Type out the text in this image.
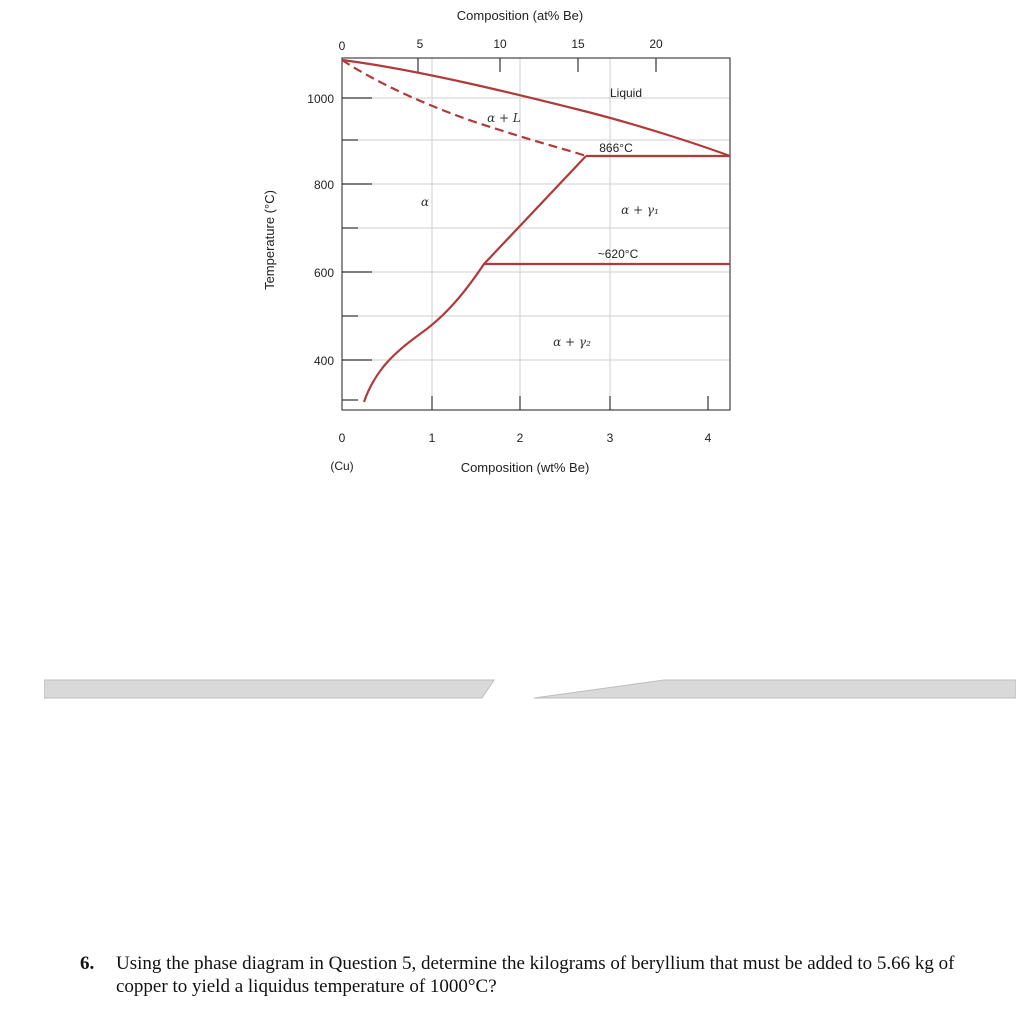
Composition (at% Be)
0	5	10	15	20
1000
800
600
400
Temperature (°C)
0	1	2	3	4
(Cu)	Composition (wt% Be)
Liquid
α + L
866°C
α
α + γ₁
~620°C
α + γ₂
6. Using the phase diagram in Question 5, determine the kilograms of beryllium that must be added to 5.66 kg of copper to yield a liquidus temperature of 1000°C?
